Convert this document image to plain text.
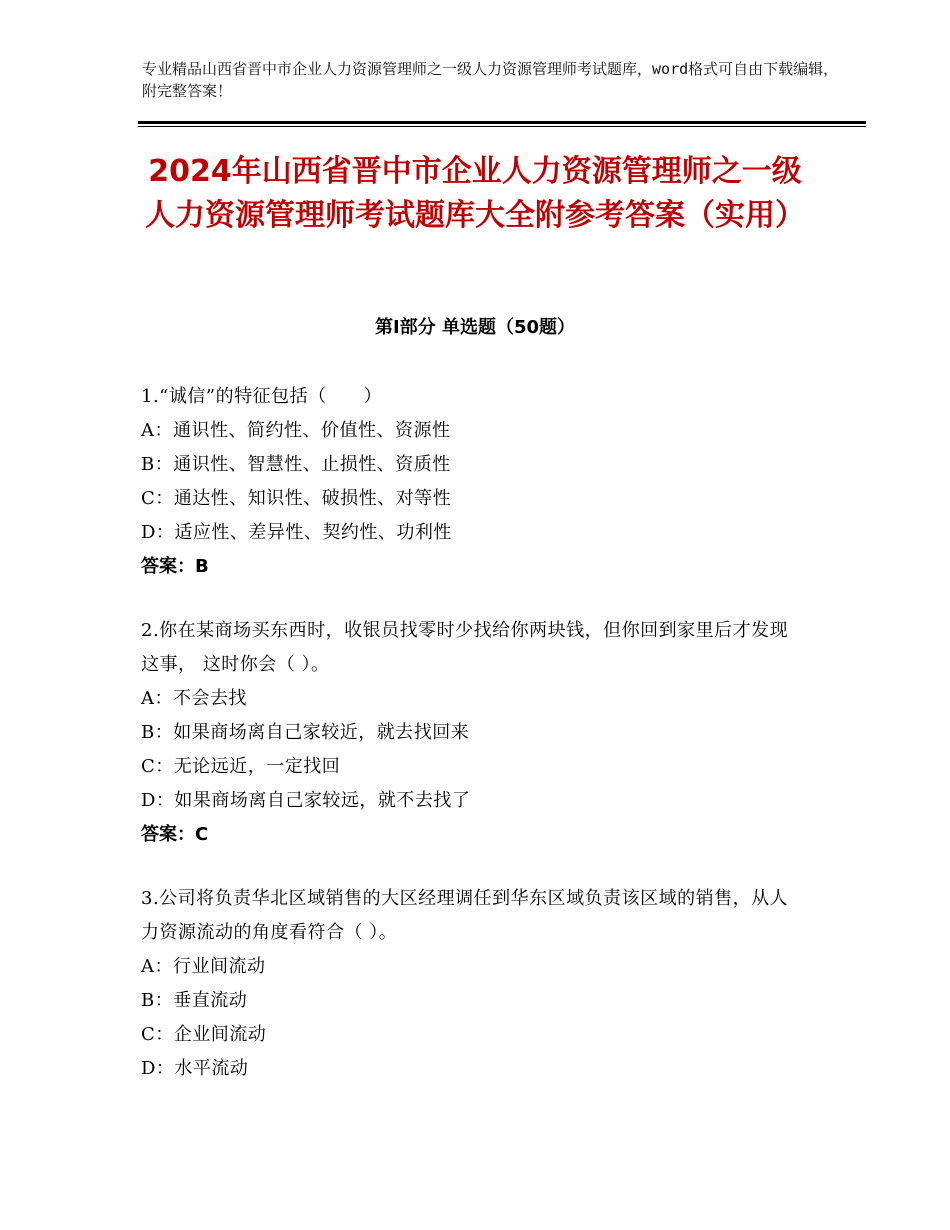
专业精品山西省晋中市企业人力资源管理师之一级人力资源管理师考试题库，word格式可自由下载编辑，附完整答案！
2024年山西省晋中市企业人力资源管理师之一级人力资源管理师考试题库大全附参考答案（实用）
第Ⅰ部分 单选题（50题）
1.“诚信”的特征包括（　　）
A：通识性、简约性、价值性、资源性
B：通识性、智慧性、止损性、资质性
C：通达性、知识性、破损性、对等性
D：适应性、差异性、契约性、功利性
答案：B
2.你在某商场买东西时，收银员找零时少找给你两块钱，但你回到家里后才发现这事， 这时你会（ ）。
A：不会去找
B：如果商场离自己家较近，就去找回来
C：无论远近，一定找回
D：如果商场离自己家较远，就不去找了
答案：C
3.公司将负责华北区域销售的大区经理调任到华东区域负责该区域的销售，从人力资源流动的角度看符合（ ）。
A：行业间流动
B：垂直流动
C：企业间流动
D：水平流动
